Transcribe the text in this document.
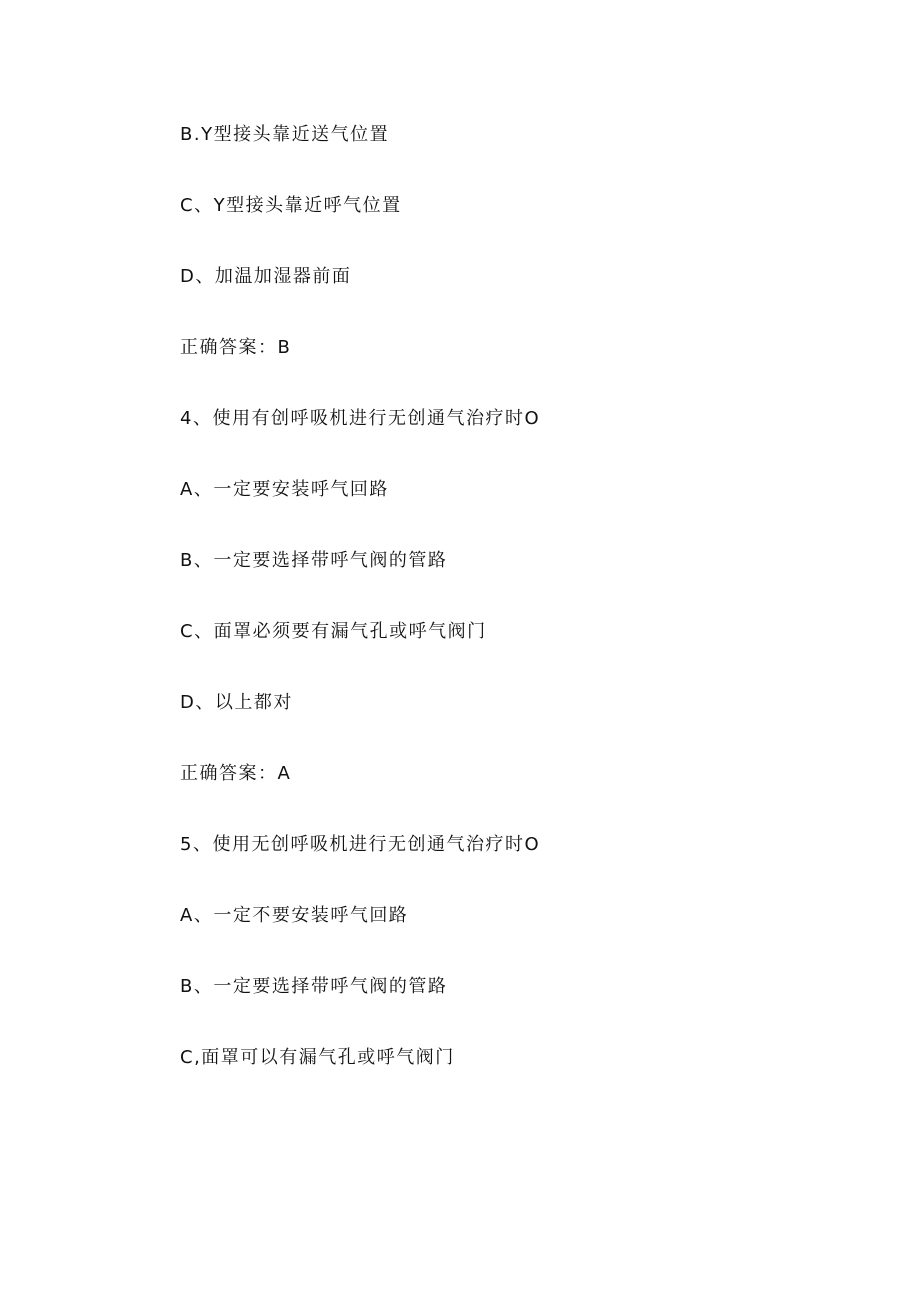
B.Y型接头靠近送气位置
C、Y型接头靠近呼气位置
D、加温加湿器前面
正确答案：B
4、使用有创呼吸机进行无创通气治疗时O
A、一定要安装呼气回路
B、一定要选择带呼气阀的管路
C、面罩必须要有漏气孔或呼气阀门
D、以上都对
正确答案：A
5、使用无创呼吸机进行无创通气治疗时O
A、一定不要安装呼气回路
B、一定要选择带呼气阀的管路
C,面罩可以有漏气孔或呼气阀门
